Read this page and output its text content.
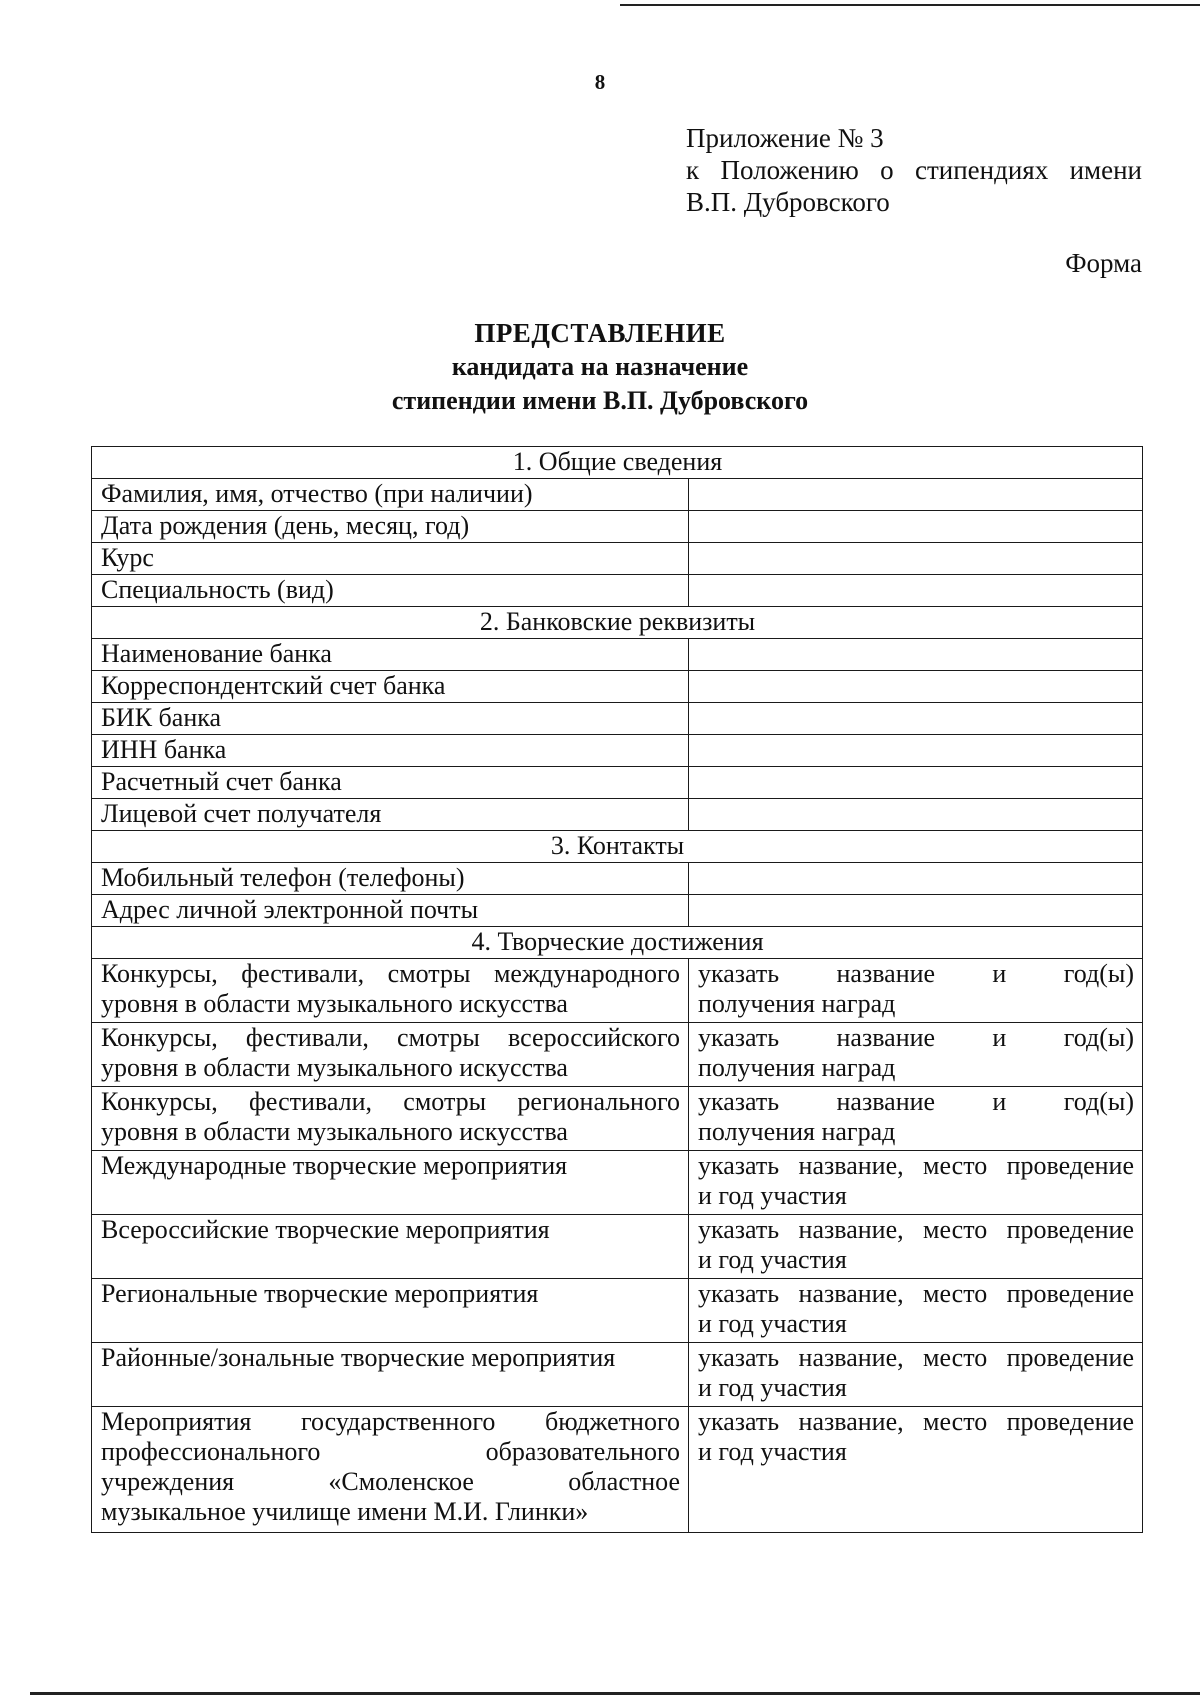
8
Приложение № 3
к Положению о стипендиях имени
В.П. Дубровского
Форма
ПРЕДСТАВЛЕНИЕ
кандидата на назначение
стипендии имени В.П. Дубровского
1. Общие сведения	
Фамилия, имя, отчество (при наличии)	
Дата рождения (день, месяц, год)	
Курс	
Специальность (вид)	
2. Банковские реквизиты	
Наименование банка	
Корреспондентский счет банка	
БИК банка	
ИНН банка	
Расчетный счет банка	
Лицевой счет получателя	
3. Контакты	
Мобильный телефон (телефоны)	
Адрес личной электронной почты	
4. Творческие достижения	

Конкурсы, фестивали, смотры международного
уровня в области музыкального искусства	указать название и год(ы)
получения наград

Конкурсы, фестивали, смотры всероссийского
уровня в области музыкального искусства	указать название и год(ы)
получения наград

Конкурсы, фестивали, смотры регионального
уровня в области музыкального искусства	указать название и год(ы)
получения наград
Международные творческие мероприятия	указать название, место проведение
и год участия
Всероссийские творческие мероприятия	указать название, место проведение
и год участия
Региональные творческие мероприятия	указать название, место проведение
и год участия
Районные/зональные творческие мероприятия	указать название, место проведение
и год участия

Мероприятия государственного бюджетного
профессионального образовательного
учреждения «Смоленское областное
музыкальное училище имени М.И. Глинки»	указать название, место проведение
и год участия
